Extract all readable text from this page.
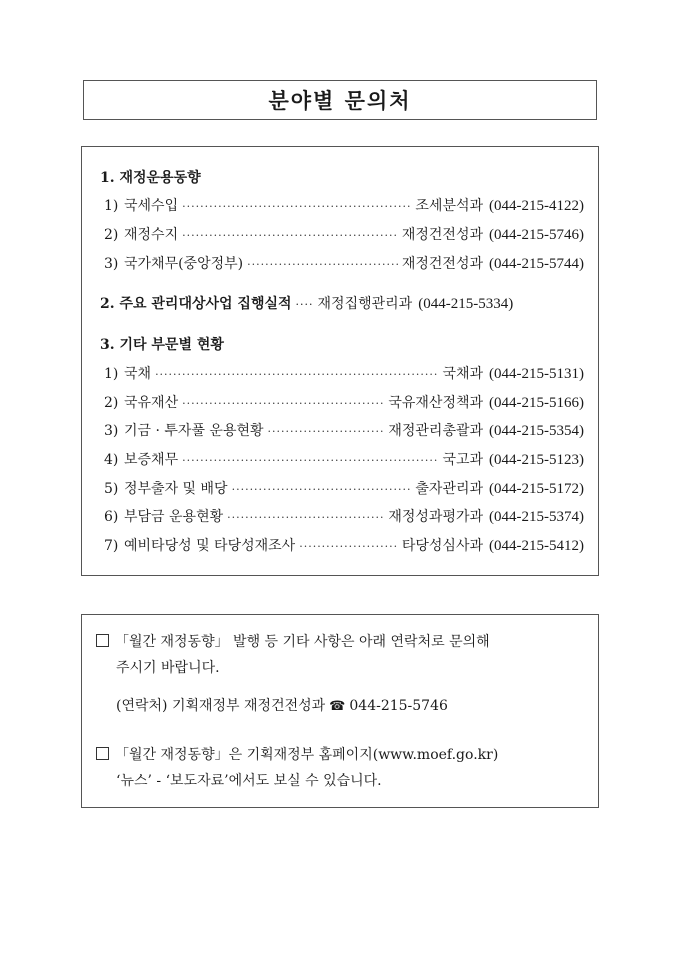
분야별 문의처
1. 재정운용동향
1) 국세수입 ·····	조세분석과 (044-215-4122)
2) 재정수지 ·····	재정건전성과 (044-215-5746)
3) 국가채무(중앙정부) ·····	재정건전성과 (044-215-5744)
2. 주요 관리대상사업 집행실적 ···· 재정집행관리과 (044-215-5334)
3. 기타 부문별 현황
1) 국채 ·····	국채과 (044-215-5131)
2) 국유재산 ·····	국유재산정책과 (044-215-5166)
3) 기금 · 투자풀 운용현황 ·····	재정관리총괄과 (044-215-5354)
4) 보증채무 ·····	국고과 (044-215-5123)
5) 정부출자 및 배당 ·····	출자관리과 (044-215-5172)
6) 부담금 운용현황 ·····	재정성과평가과 (044-215-5374)
7) 예비타당성 및 타당성재조사 ·····	타당성심사과 (044-215-5412)
「월간 재정동향」 발행 등 기타 사항은 아래 연락처로 문의해
주시기 바랍니다.
(연락처) 기획재정부 재정건전성과 ☎ 044-215-5746
「월간 재정동향」은 기획재정부 홈페이지(www.moef.go.kr)
‘뉴스’ - ‘보도자료’에서도 보실 수 있습니다.
